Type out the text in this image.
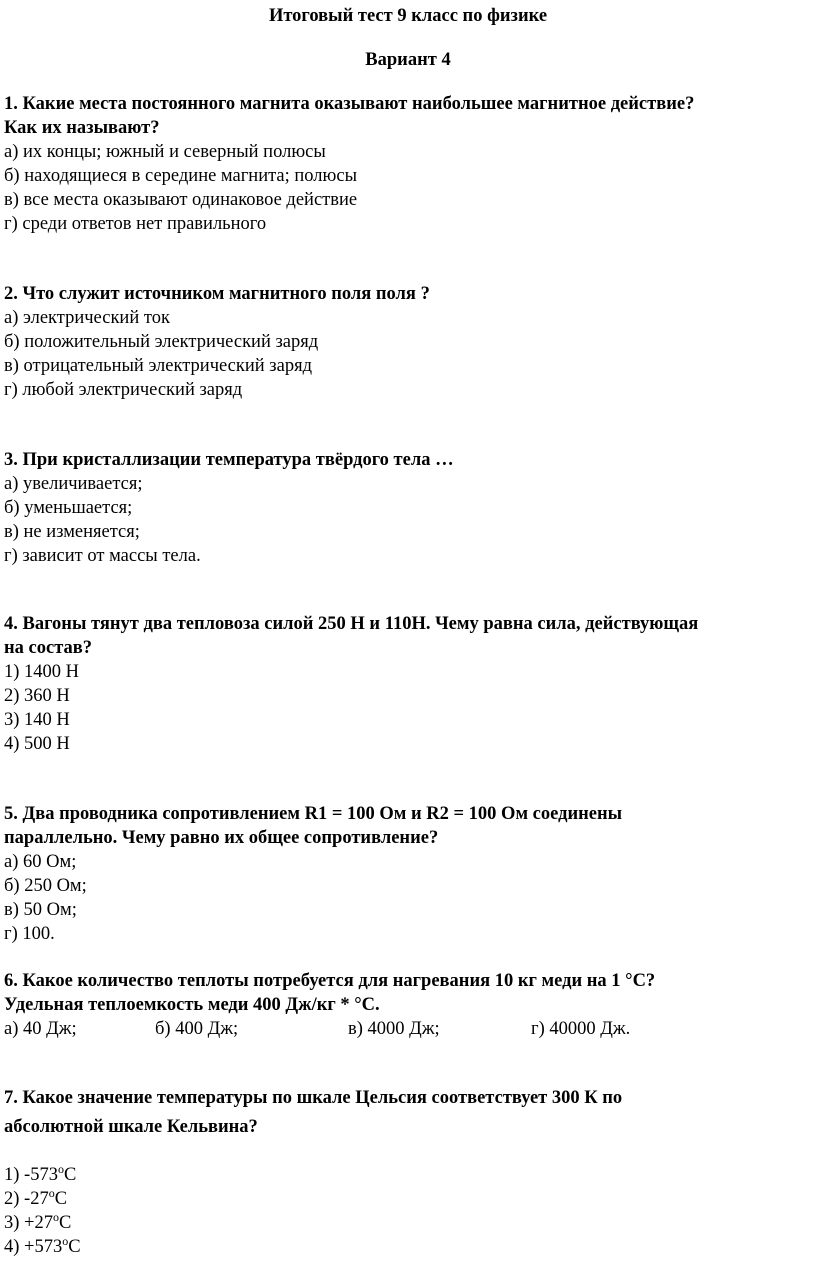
Итоговый тест 9 класс по физике
Вариант 4
1. Какие места постоянного магнита оказывают наибольшее магнитное действие?
Как их называют?
а) их концы; южный и северный полюсы
б) находящиеся в середине магнита; полюсы
в) все места оказывают одинаковое действие
г) среди ответов нет правильного
2. Что служит источником магнитного поля поля ?
а) электрический ток
б) положительный электрический заряд
в) отрицательный электрический заряд
г) любой электрический заряд
3. При кристаллизации температура твёрдого тела …
а) увеличивается;
б) уменьшается;
в) не изменяется;
г) зависит от массы тела.
4. Вагоны тянут два тепловоза силой 250 Н и 110Н. Чему равна сила, действующая
на состав?
1) 1400 Н
2) 360 Н
3) 140 Н
4) 500 Н
5. Два проводника сопротивлением R1 = 100 Ом и R2 = 100 Ом соединены
параллельно. Чему равно их общее сопротивление?
а) 60 Ом;
б) 250 Ом;
в) 50 Ом;
г) 100.
6. Какое количество теплоты потребуется для нагревания 10 кг меди на 1 °С?
Удельная теплоемкость меди 400 Дж/кг * °С.
а) 40 Дж;	б) 400 Дж;	в) 4000 Дж;	г) 40000 Дж.
7. Какое значение температуры по шкале Цельсия соответствует 300 К по
абсолютной шкале Кельвина?
1) $-573^оС$
2) $-27^оС$
$3) +27^оС$
$4) +573^оС$
